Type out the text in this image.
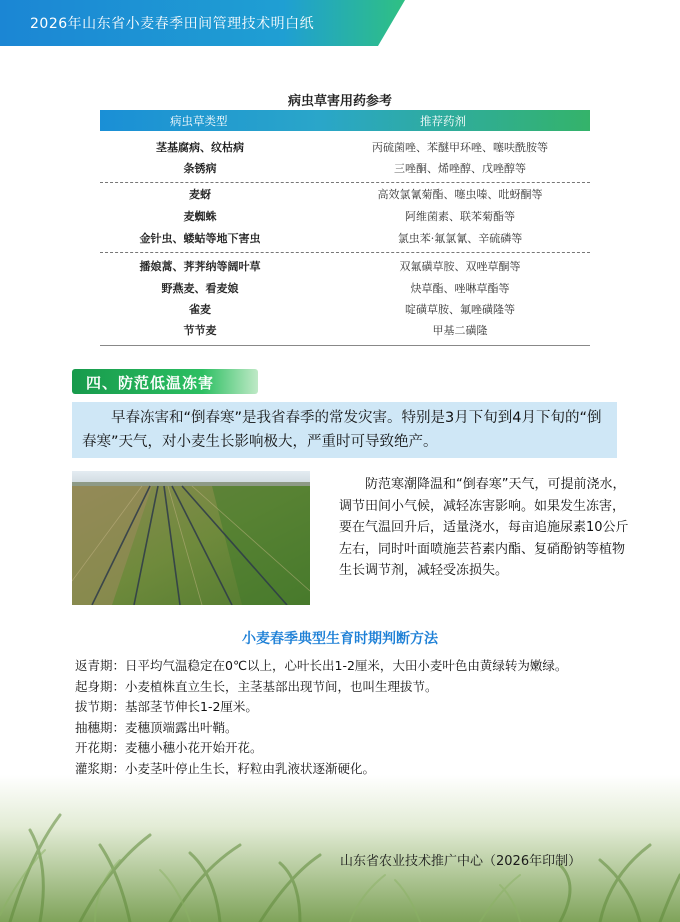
2026年山东省小麦春季田间管理技术明白纸
病虫草害用药参考
病虫草类型	推荐药剂
茎基腐病、纹枯病	丙硫菌唑、苯醚甲环唑、噻呋酰胺等
条锈病	三唑酮、烯唑醇、戊唑醇等
麦蚜	高效氯氰菊酯、噻虫嗪、吡蚜酮等
麦蜘蛛	阿维菌素、联苯菊酯等
金针虫、蝼蛄等地下害虫	氯虫苯·氟氯氰、辛硫磷等
播娘蒿、荠荠纳等阔叶草	双氟磺草胺、双唑草酮等
野燕麦、看麦娘	炔草酯、唑啉草酯等
雀麦	啶磺草胺、氟唑磺隆等
节节麦	甲基二磺隆
四、防范低温冻害
早春冻害和“倒春寒”是我省春季的常发灾害。特别是3月下旬到4月下旬的“倒春寒”天气，对小麦生长影响极大，严重时可导致绝产。
防范寒潮降温和“倒春寒”天气，可提前浇水，调节田间小气候，减轻冻害影响。如果发生冻害，要在气温回升后，适量浇水，每亩追施尿素10公斤左右，同时叶面喷施芸苔素内酯、复硝酚钠等植物生长调节剂，减轻受冻损失。
小麦春季典型生育时期判断方法
返青期：日平均气温稳定在0℃以上，心叶长出1-2厘米，大田小麦叶色由黄绿转为嫩绿。
起身期：小麦植株直立生长，主茎基部出现节间，也叫生理拔节。
拔节期：基部茎节伸长1-2厘米。
抽穗期：麦穗顶端露出叶鞘。
开花期：麦穗小穗小花开始开花。
灌浆期：小麦茎叶停止生长，籽粒由乳液状逐渐硬化。
山东省农业技术推广中心（2026年印制）
